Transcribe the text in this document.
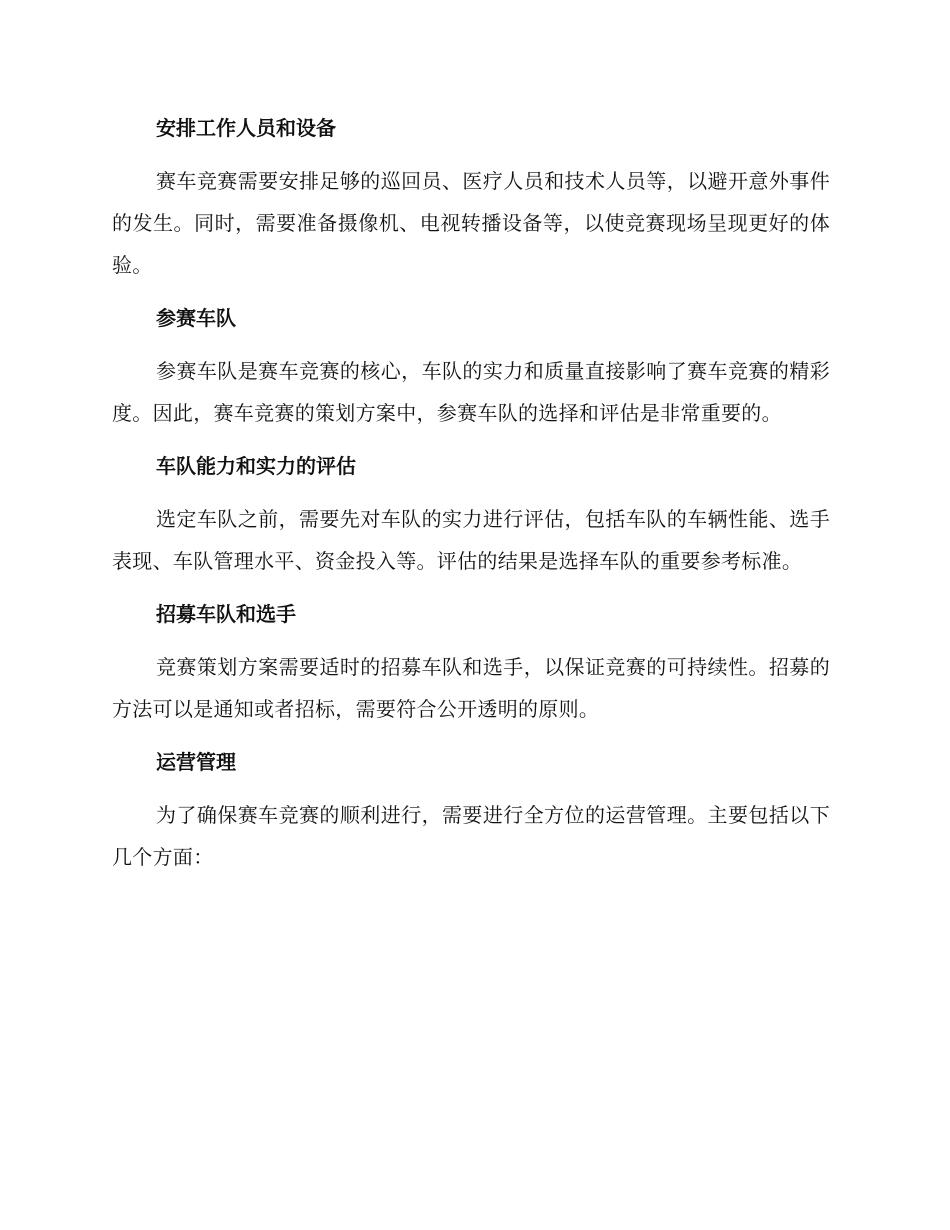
安排工作人员和设备

赛车竞赛需要安排足够的巡回员、医疗人员和技术人员等，以避开意外事件的发生。同时，需要准备摄像机、电视转播设备等，以使竞赛现场呈现更好的体验。

参赛车队

参赛车队是赛车竞赛的核心，车队的实力和质量直接影响了赛车竞赛的精彩度。因此，赛车竞赛的策划方案中，参赛车队的选择和评估是非常重要的。

车队能力和实力的评估

选定车队之前，需要先对车队的实力进行评估，包括车队的车辆性能、选手表现、车队管理水平、资金投入等。评估的结果是选择车队的重要参考标准。

招募车队和选手

竞赛策划方案需要适时的招募车队和选手，以保证竞赛的可持续性。招募的方法可以是通知或者招标，需要符合公开透明的原则。

运营管理

为了确保赛车竞赛的顺利进行，需要进行全方位的运营管理。主要包括以下几个方面：
